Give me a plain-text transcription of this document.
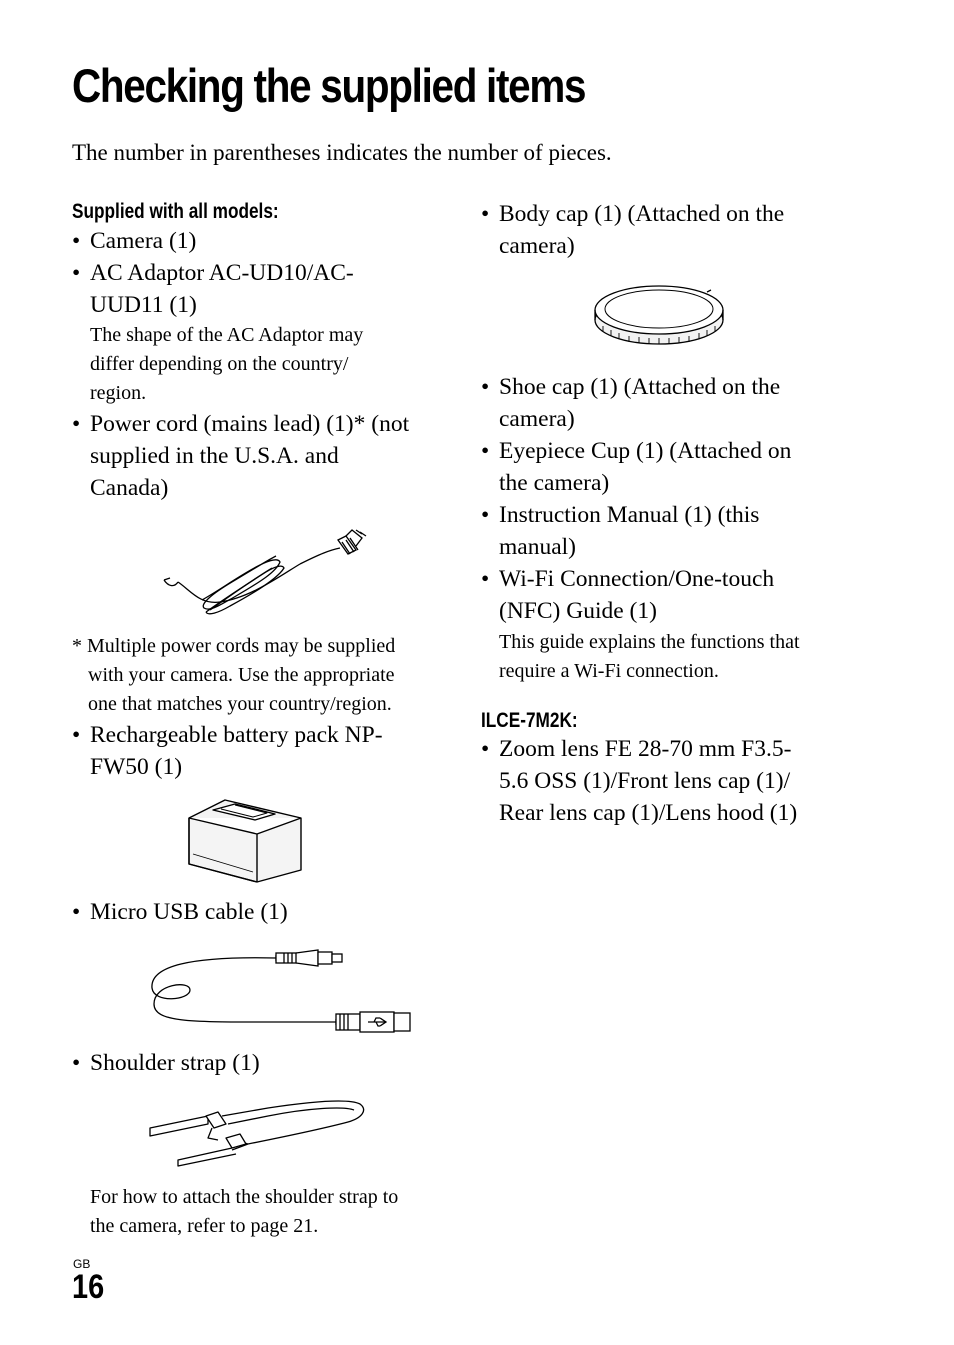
Checking the supplied items

The number in parentheses indicates the number of pieces.

Supplied with all models:

• Camera (1)

• AC Adaptor AC-UD10/AC-
UUD11 (1)

The shape of the AC Adaptor may
differ depending on the country/
region.

• Power cord (mains lead) (1)* (not
supplied in the U.S.A. and
Canada)

* Multiple power cords may be supplied
with your camera. Use the appropriate
one that matches your country/region.

• Rechargeable battery pack NP-
FW50 (1)

• Micro USB cable (1)

• Shoulder strap (1)

For how to attach the shoulder strap to
the camera, refer to page 21.

• Body cap (1) (Attached on the
camera)

• Shoe cap (1) (Attached on the
camera)

• Eyepiece Cup (1) (Attached on
the camera)

• Instruction Manual (1) (this
manual)

• Wi-Fi Connection/One-touch
(NFC) Guide (1)

This guide explains the functions that
require a Wi-Fi connection.

ILCE-7M2K:

• Zoom lens FE 28-70 mm F3.5-
5.6 OSS (1)/Front lens cap (1)/
Rear lens cap (1)/Lens hood (1)

GB
16
